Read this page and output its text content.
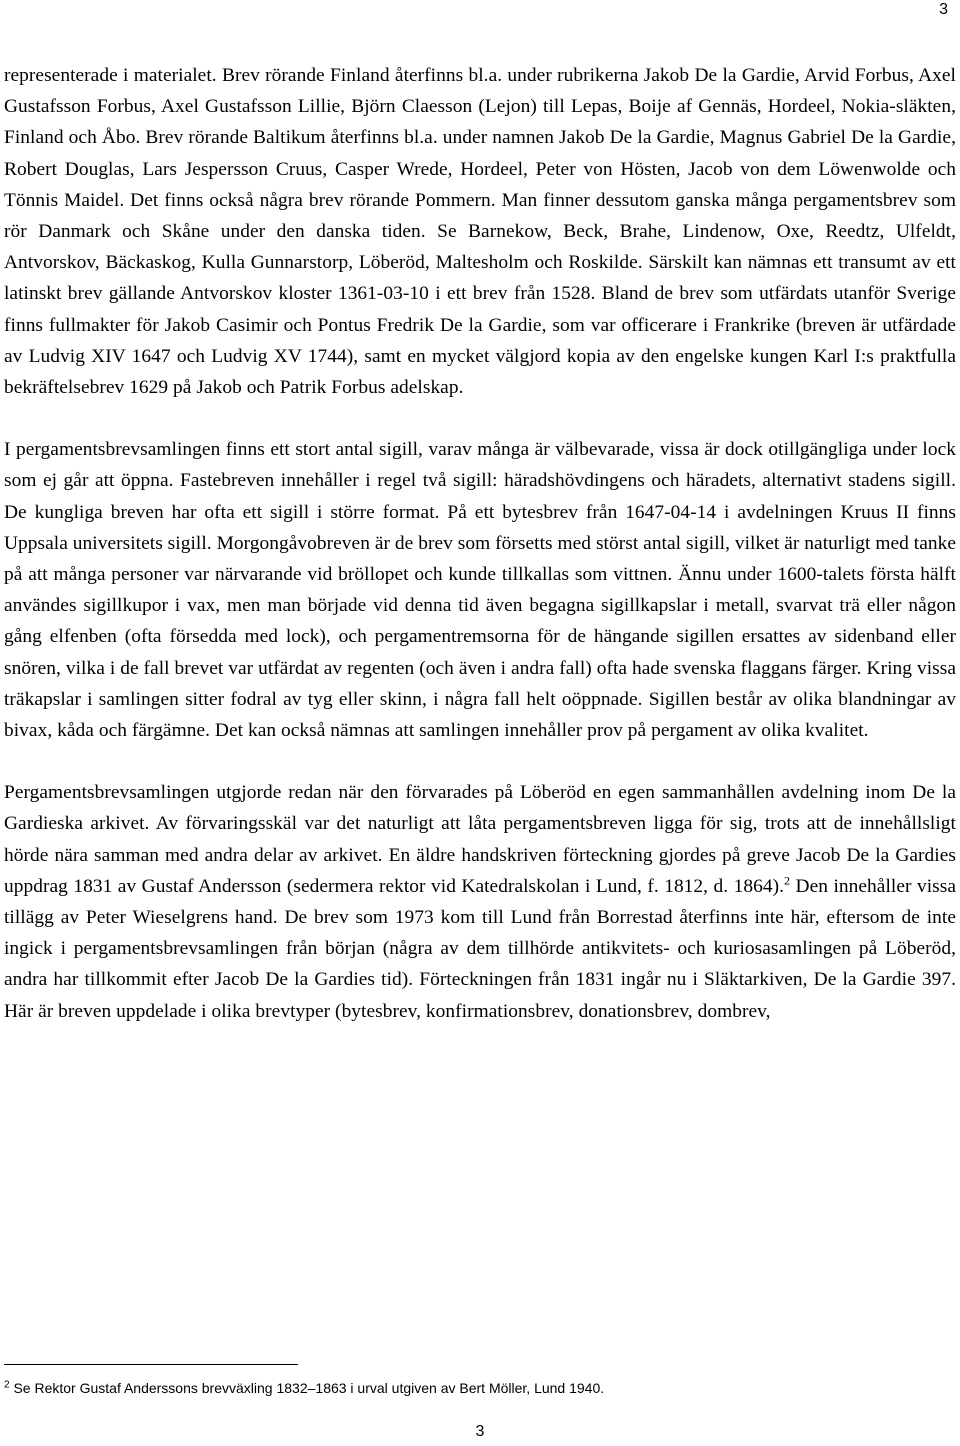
3

representerade i materialet. Brev rörande Finland återfinns bl.a. under rubrikerna Jakob De la Gardie, Arvid Forbus, Axel Gustafsson Forbus, Axel Gustafsson Lillie, Björn Claesson (Lejon) till Lepas, Boije af Gennäs, Hordeel, Nokia-släkten, Finland och Åbo. Brev rörande Baltikum återfinns bl.a. under namnen Jakob De la Gardie, Magnus Gabriel De la Gardie, Robert Douglas, Lars Jespersson Cruus, Casper Wrede, Hordeel, Peter von Hösten, Jacob von dem Löwenwolde och Tönnis Maidel. Det finns också några brev rörande Pommern. Man finner dessutom ganska många pergamentsbrev som rör Danmark och Skåne under den danska tiden. Se Barnekow, Beck, Brahe, Lindenow, Oxe, Reedtz, Ulfeldt, Antvorskov, Bäckaskog, Kulla Gunnarstorp, Löberöd, Maltesholm och Roskilde. Särskilt kan nämnas ett transumt av ett latinskt brev gällande Antvorskov kloster 1361-03-10 i ett brev från 1528. Bland de brev som utfärdats utanför Sverige finns fullmakter för Jakob Casimir och Pontus Fredrik De la Gardie, som var officerare i Frankrike (breven är utfärdade av Ludvig XIV 1647 och Ludvig XV 1744), samt en mycket välgjord kopia av den engelske kungen Karl I:s praktfulla bekräftelsebrev 1629 på Jakob och Patrik Forbus adelskap.

I pergamentsbrevsamlingen finns ett stort antal sigill, varav många är välbevarade, vissa är dock otillgängliga under lock som ej går att öppna. Fastebreven innehåller i regel två sigill: häradshövdingens och häradets, alternativt stadens sigill. De kungliga breven har ofta ett sigill i större format. På ett bytesbrev från 1647-04-14 i avdelningen Kruus II finns Uppsala universitets sigill. Morgongåvobreven är de brev som försetts med störst antal sigill, vilket är naturligt med tanke på att många personer var närvarande vid bröllopet och kunde tillkallas som vittnen. Ännu under 1600-talets första hälft användes sigillkupor i vax, men man började vid denna tid även begagna sigillkapslar i metall, svarvat trä eller någon gång elfenben (ofta försedda med lock), och pergamentremsorna för de hängande sigillen ersattes av sidenband eller snören, vilka i de fall brevet var utfärdat av regenten (och även i andra fall) ofta hade svenska flaggans färger. Kring vissa träkapslar i samlingen sitter fodral av tyg eller skinn, i några fall helt oöppnade. Sigillen består av olika blandningar av bivax, kåda och färgämne. Det kan också nämnas att samlingen innehåller prov på pergament av olika kvalitet.

Pergamentsbrevsamlingen utgjorde redan när den förvarades på Löberöd en egen sammanhållen avdelning inom De la Gardieska arkivet. Av förvaringsskäl var det naturligt att låta pergamentsbreven ligga för sig, trots att de innehållsligt hörde nära samman med andra delar av arkivet. En äldre handskriven förteckning gjordes på greve Jacob De la Gardies uppdrag 1831 av Gustaf Andersson (sedermera rektor vid Katedralskolan i Lund, f. 1812, d. 1864).$^2$ Den innehåller vissa tillägg av Peter Wieselgrens hand. De brev som 1973 kom till Lund från Borrestad återfinns inte här, eftersom de inte ingick i pergamentsbrevsamlingen från början (några av dem tillhörde antikvitets- och kuriosasamlingen på Löberöd, andra har tillkommit efter Jacob De la Gardies tid). Förteckningen från 1831 ingår nu i Släktarkiven, De la Gardie 397. Här är breven uppdelade i olika brevtyper (bytesbrev, konfirmationsbrev, donationsbrev, dombrev,

$^2$ Se Rektor Gustaf Anderssons brevväxling 1832–1863 i urval utgiven av Bert Möller, Lund 1940.
3
